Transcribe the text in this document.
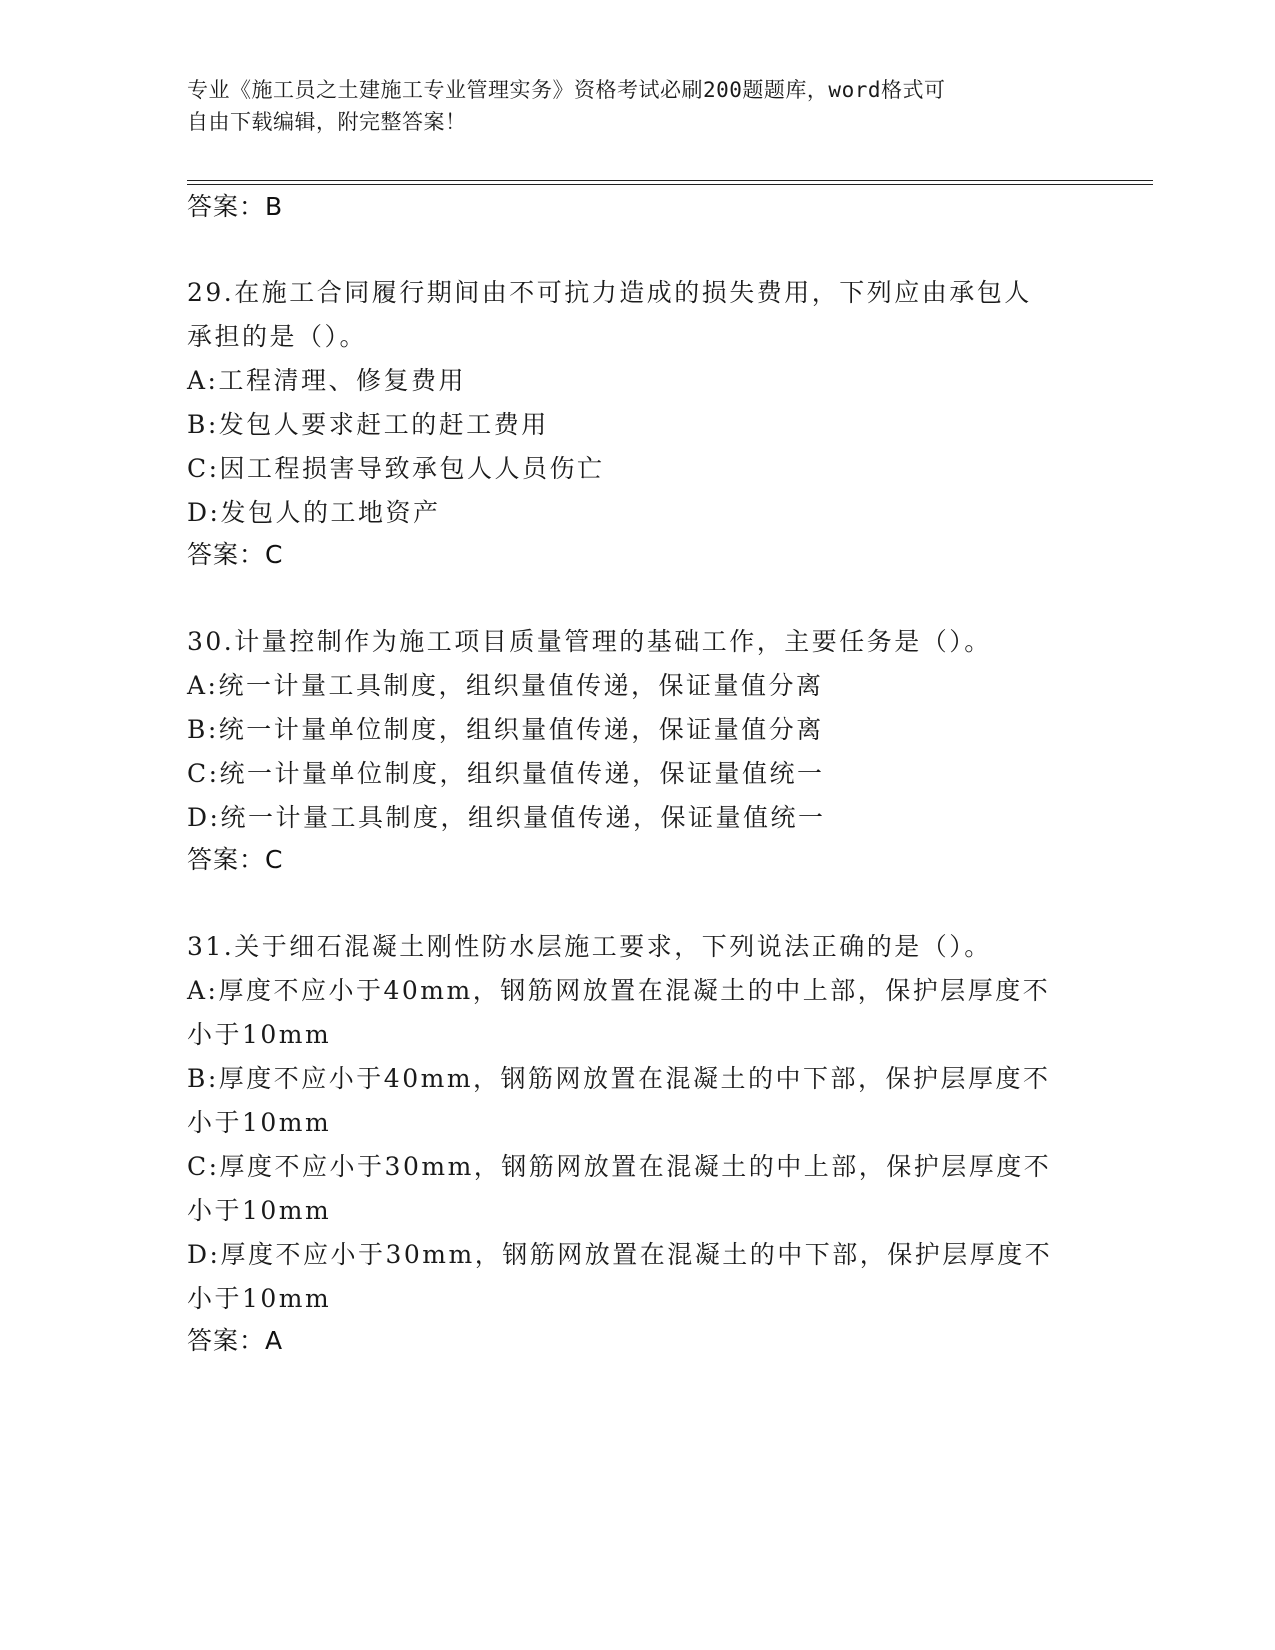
专业《施工员之土建施工专业管理实务》资格考试必刷200题题库，word格式可
自由下载编辑，附完整答案！
答案：B
29.在施工合同履行期间由不可抗力造成的损失费用，下列应由承包人
承担的是（）。
A:工程清理、修复费用
B:发包人要求赶工的赶工费用
C:因工程损害导致承包人人员伤亡
D:发包人的工地资产
答案：C
30.计量控制作为施工项目质量管理的基础工作，主要任务是（）。
A:统一计量工具制度，组织量值传递，保证量值分离
B:统一计量单位制度，组织量值传递，保证量值分离
C:统一计量单位制度，组织量值传递，保证量值统一
D:统一计量工具制度，组织量值传递，保证量值统一
答案：C
31.关于细石混凝土刚性防水层施工要求，下列说法正确的是（）。
A:厚度不应小于40mm，钢筋网放置在混凝土的中上部，保护层厚度不
小于10mm
B:厚度不应小于40mm，钢筋网放置在混凝土的中下部，保护层厚度不
小于10mm
C:厚度不应小于30mm，钢筋网放置在混凝土的中上部，保护层厚度不
小于10mm
D:厚度不应小于30mm，钢筋网放置在混凝土的中下部，保护层厚度不
小于10mm
答案：A
